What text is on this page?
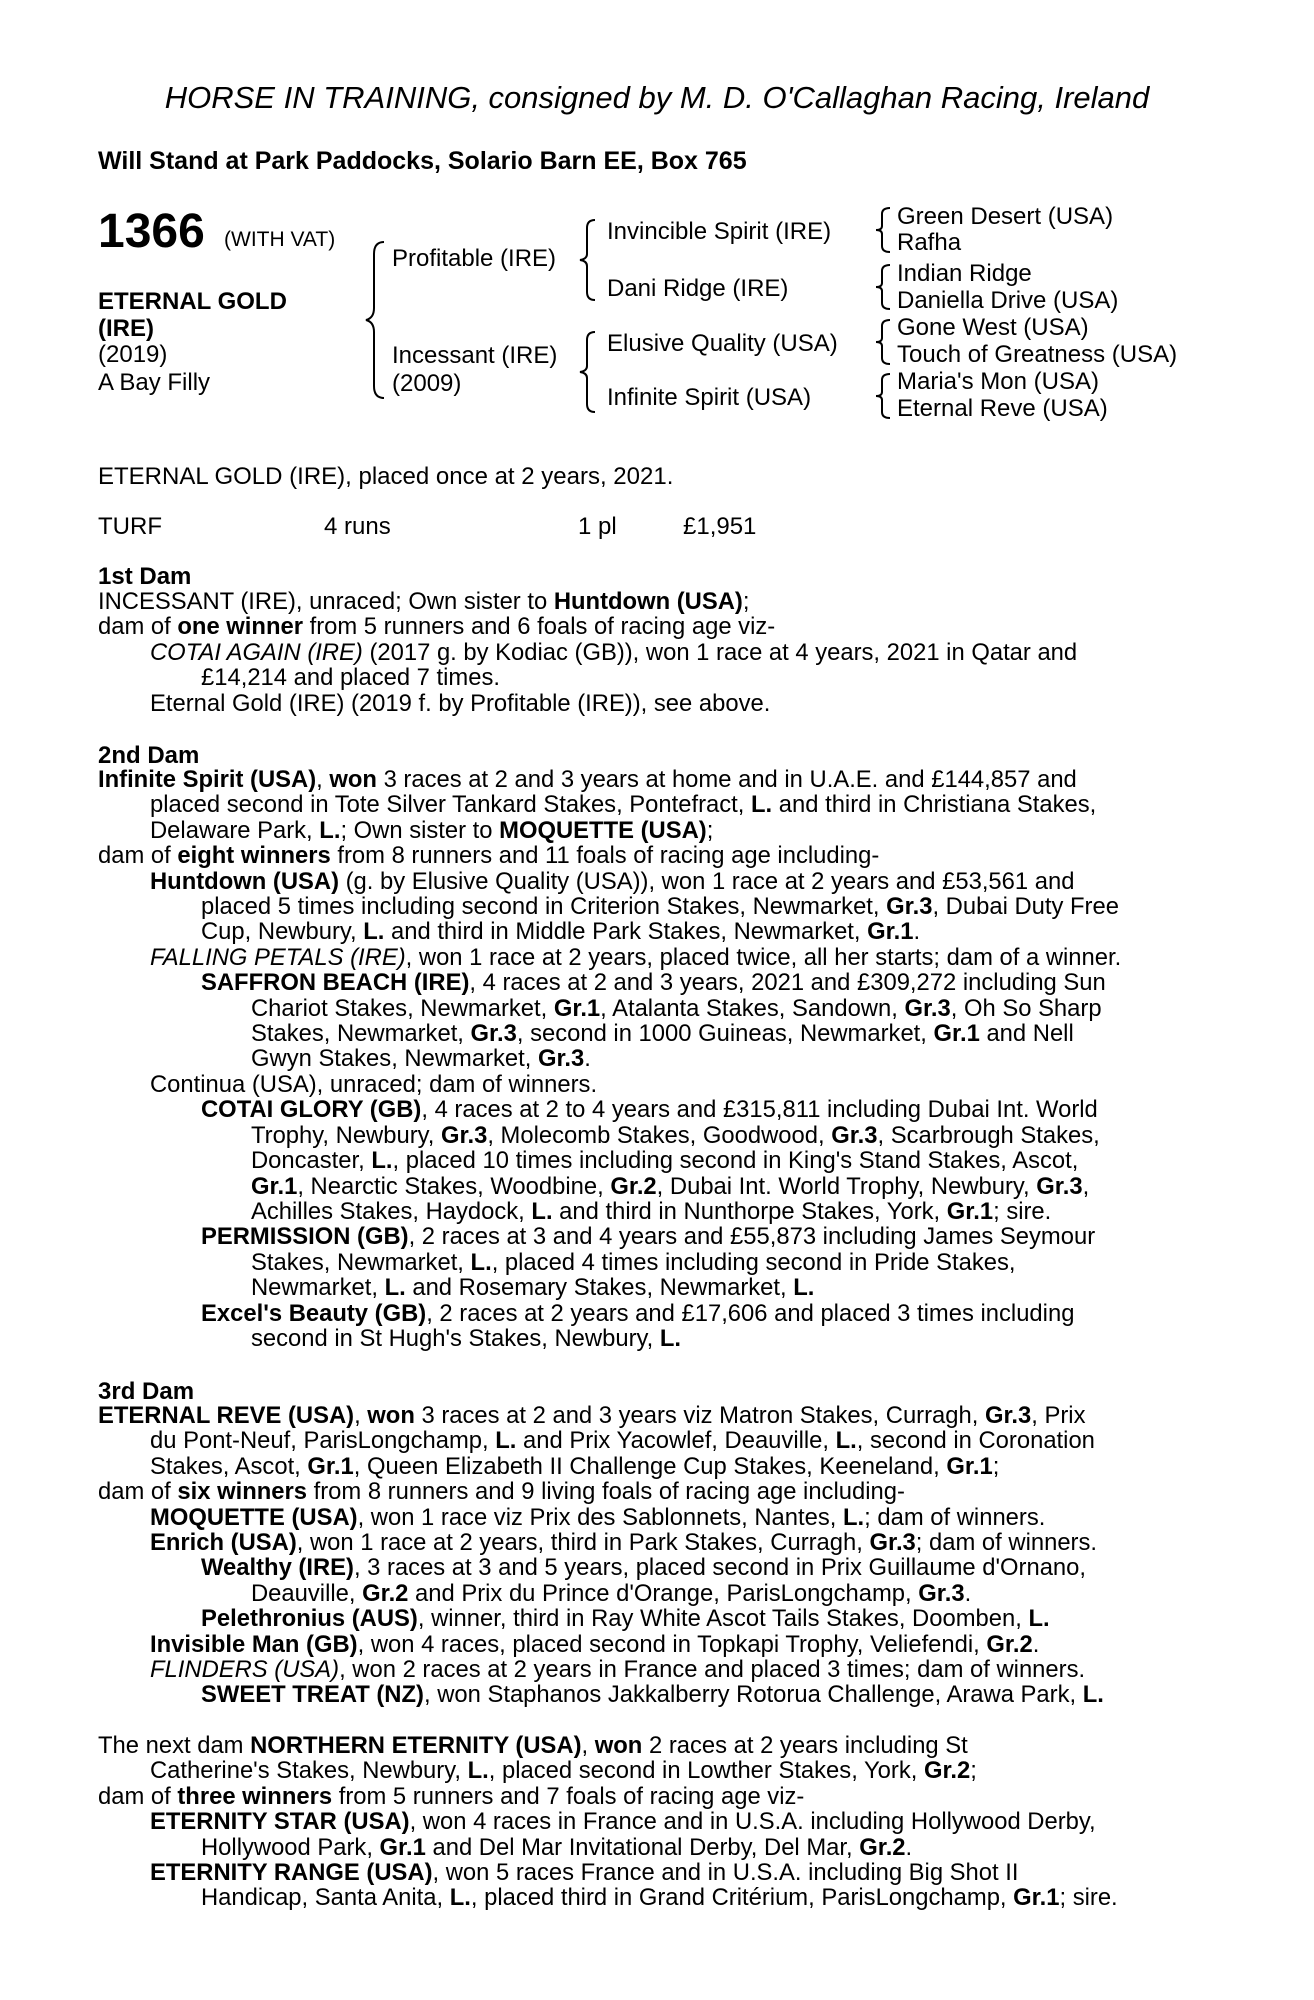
HORSE IN TRAINING, consigned by M. D. O'Callaghan Racing, Ireland
Will Stand at Park Paddocks, Solario Barn EE, Box 765
1366 (WITH VAT)
ETERNAL GOLD
(IRE)
(2019)
A Bay Filly
Profitable (IRE)
Incessant (IRE)
(2009)
Invincible Spirit (IRE)
Dani Ridge (IRE)
Elusive Quality (USA)
Infinite Spirit (USA)
Green Desert (USA)
Rafha
Indian Ridge
Daniella Drive (USA)
Gone West (USA)
Touch of Greatness (USA)
Maria's Mon (USA)
Eternal Reve (USA)
ETERNAL GOLD (IRE), placed once at 2 years, 2021.
TURF	4 runs	1 pl	£1,951
1st Dam
INCESSANT (IRE), unraced; Own sister to Huntdown (USA);
dam of one winner from 5 runners and 6 foals of racing age viz-
COTAI AGAIN (IRE) (2017 g. by Kodiac (GB)), won 1 race at 4 years, 2021 in Qatar and
£14,214 and placed 7 times.
Eternal Gold (IRE) (2019 f. by Profitable (IRE)), see above.
2nd Dam
Infinite Spirit (USA), won 3 races at 2 and 3 years at home and in U.A.E. and £144,857 and
placed second in Tote Silver Tankard Stakes, Pontefract, L. and third in Christiana Stakes,
Delaware Park, L.; Own sister to MOQUETTE (USA);
dam of eight winners from 8 runners and 11 foals of racing age including-
Huntdown (USA) (g. by Elusive Quality (USA)), won 1 race at 2 years and £53,561 and
placed 5 times including second in Criterion Stakes, Newmarket, Gr.3, Dubai Duty Free
Cup, Newbury, L. and third in Middle Park Stakes, Newmarket, Gr.1.
FALLING PETALS (IRE), won 1 race at 2 years, placed twice, all her starts; dam of a winner.
SAFFRON BEACH (IRE), 4 races at 2 and 3 years, 2021 and £309,272 including Sun
Chariot Stakes, Newmarket, Gr.1, Atalanta Stakes, Sandown, Gr.3, Oh So Sharp
Stakes, Newmarket, Gr.3, second in 1000 Guineas, Newmarket, Gr.1 and Nell
Gwyn Stakes, Newmarket, Gr.3.
Continua (USA), unraced; dam of winners.
COTAI GLORY (GB), 4 races at 2 to 4 years and £315,811 including Dubai Int. World
Trophy, Newbury, Gr.3, Molecomb Stakes, Goodwood, Gr.3, Scarbrough Stakes,
Doncaster, L., placed 10 times including second in King's Stand Stakes, Ascot,
Gr.1, Nearctic Stakes, Woodbine, Gr.2, Dubai Int. World Trophy, Newbury, Gr.3,
Achilles Stakes, Haydock, L. and third in Nunthorpe Stakes, York, Gr.1; sire.
PERMISSION (GB), 2 races at 3 and 4 years and £55,873 including James Seymour
Stakes, Newmarket, L., placed 4 times including second in Pride Stakes,
Newmarket, L. and Rosemary Stakes, Newmarket, L.
Excel's Beauty (GB), 2 races at 2 years and £17,606 and placed 3 times including
second in St Hugh's Stakes, Newbury, L.
3rd Dam
ETERNAL REVE (USA), won 3 races at 2 and 3 years viz Matron Stakes, Curragh, Gr.3, Prix
du Pont-Neuf, ParisLongchamp, L. and Prix Yacowlef, Deauville, L., second in Coronation
Stakes, Ascot, Gr.1, Queen Elizabeth II Challenge Cup Stakes, Keeneland, Gr.1;
dam of six winners from 8 runners and 9 living foals of racing age including-
MOQUETTE (USA), won 1 race viz Prix des Sablonnets, Nantes, L.; dam of winners.
Enrich (USA), won 1 race at 2 years, third in Park Stakes, Curragh, Gr.3; dam of winners.
Wealthy (IRE), 3 races at 3 and 5 years, placed second in Prix Guillaume d'Ornano,
Deauville, Gr.2 and Prix du Prince d'Orange, ParisLongchamp, Gr.3.
Pelethronius (AUS), winner, third in Ray White Ascot Tails Stakes, Doomben, L.
Invisible Man (GB), won 4 races, placed second in Topkapi Trophy, Veliefendi, Gr.2.
FLINDERS (USA), won 2 races at 2 years in France and placed 3 times; dam of winners.
SWEET TREAT (NZ), won Staphanos Jakkalberry Rotorua Challenge, Arawa Park, L.
The next dam NORTHERN ETERNITY (USA), won 2 races at 2 years including St
Catherine's Stakes, Newbury, L., placed second in Lowther Stakes, York, Gr.2;
dam of three winners from 5 runners and 7 foals of racing age viz-
ETERNITY STAR (USA), won 4 races in France and in U.S.A. including Hollywood Derby,
Hollywood Park, Gr.1 and Del Mar Invitational Derby, Del Mar, Gr.2.
ETERNITY RANGE (USA), won 5 races France and in U.S.A. including Big Shot II
Handicap, Santa Anita, L., placed third in Grand Critérium, ParisLongchamp, Gr.1; sire.
